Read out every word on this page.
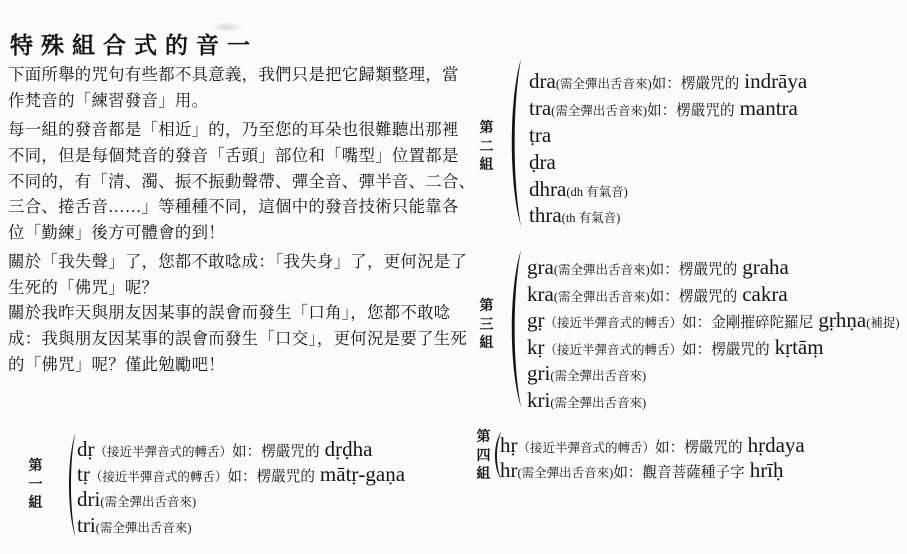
特殊組合式的音一
下面所舉的咒句有些都不具意義，我們只是把它歸類整理，當
作梵音的「練習發音」用。
每一組的發音都是「相近」的，乃至您的耳朵也很難聽出那裡
不同，但是每個梵音的發音「舌頭」部位和「嘴型」位置都是
不同的，有「清、濁、振不振動聲帶、彈全音、彈半音、二合、
三合、捲舌音……」等種種不同，這個中的發音技術只能靠各
位「勤練」後方可體會的到！
關於「我失聲」了，您都不敢唸成：「我失身」了，更何況是了
生死的「佛咒」呢？
關於我昨天與朋友因某事的誤會而發生「口角」，您都不敢唸
成：我與朋友因某事的誤會而發生「口交」，更何況是要了生死
的「佛咒」呢？僅此勉勵吧！
第一組
dṛ（接近半彈音式的轉舌）如：楞嚴咒的 dṛḍha
tṛ（接近半彈音式的轉舌）如：楞嚴咒的 mātṛ-gaṇa
dri(需全彈出舌音來)
tri(需全彈出舌音來)
第二組
dra(需全彈出舌音來)如：楞嚴咒的 indrāya
tra(需全彈出舌音來)如：楞嚴咒的 mantra
ṭra
ḍra
dhra(dh 有氣音)
thra(th 有氣音)
第三組
gra(需全彈出舌音來)如：楞嚴咒的 graha
kra(需全彈出舌音來)如：楞嚴咒的 cakra
gṛ（接近半彈音式的轉舌）如：金剛摧碎陀羅尼 gṛhṇa(補捉)
kṛ（接近半彈音式的轉舌）如：楞嚴咒的 kṛtāṃ
gri(需全彈出舌音來)
kri(需全彈出舌音來)
第四組
hṛ（接近半彈音式的轉舌）如：楞嚴咒的 hṛdaya
hr(需全彈出舌音來)如：觀音菩薩種子字 hrīḥ
